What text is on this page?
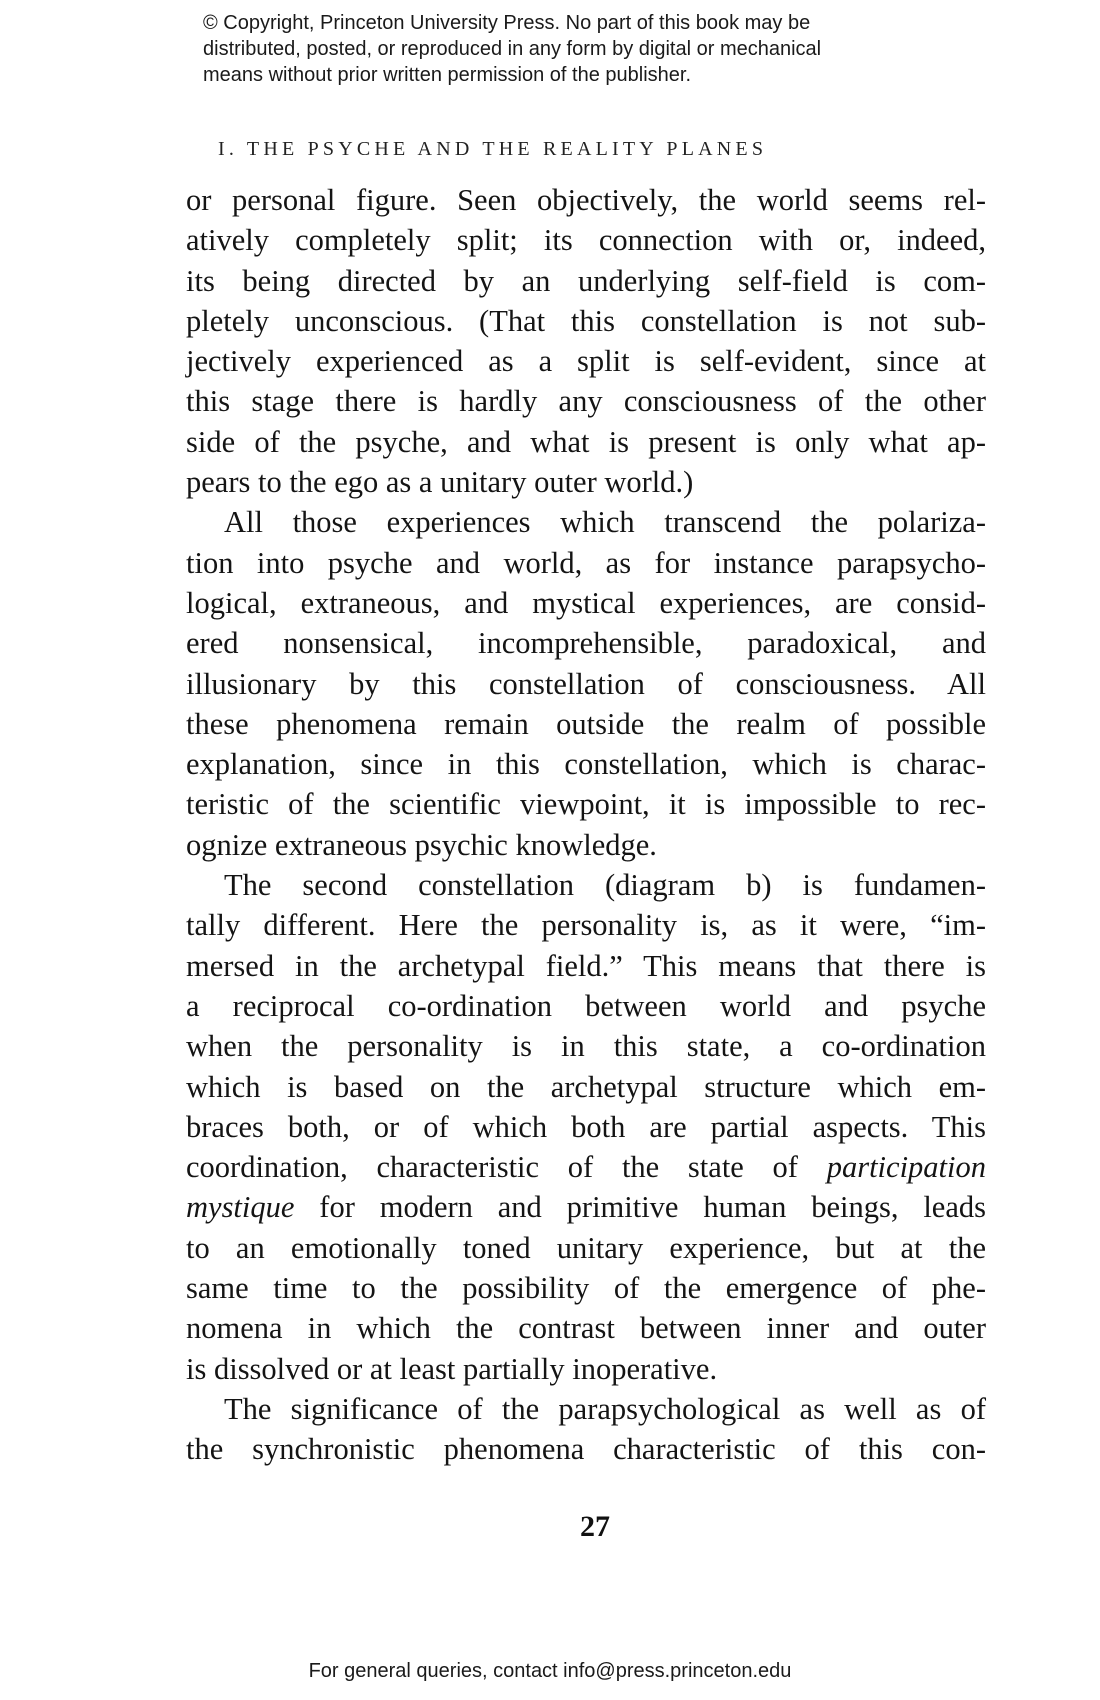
© Copyright, Princeton University Press. No part of this book may be
distributed, posted, or reproduced in any form by digital or mechanical
means without prior written permission of the publisher.
I. THE PSYCHE AND THE REALITY PLANES
or personal figure. Seen objectively, the world seems rel-
atively completely split; its connection with or, indeed,
its being directed by an underlying self-field is com-
pletely unconscious. (That this constellation is not sub-
jectively experienced as a split is self-evident, since at
this stage there is hardly any consciousness of the other
side of the psyche, and what is present is only what ap-
pears to the ego as a unitary outer world.)
All those experiences which transcend the polariza-
tion into psyche and world, as for instance parapsycho-
logical, extraneous, and mystical experiences, are consid-
ered nonsensical, incomprehensible, paradoxical, and
illusionary by this constellation of consciousness. All
these phenomena remain outside the realm of possible
explanation, since in this constellation, which is charac-
teristic of the scientific viewpoint, it is impossible to rec-
ognize extraneous psychic knowledge.
The second constellation (diagram b) is fundamen-
tally different. Here the personality is, as it were, “im-
mersed in the archetypal field.” This means that there is
a reciprocal co-ordination between world and psyche
when the personality is in this state, a co-ordination
which is based on the archetypal structure which em-
braces both, or of which both are partial aspects. This
coordination, characteristic of the state of participation
mystique for modern and primitive human beings, leads
to an emotionally toned unitary experience, but at the
same time to the possibility of the emergence of phe-
nomena in which the contrast between inner and outer
is dissolved or at least partially inoperative.
The significance of the parapsychological as well as of
the synchronistic phenomena characteristic of this con-
27
For general queries, contact info@press.princeton.edu
